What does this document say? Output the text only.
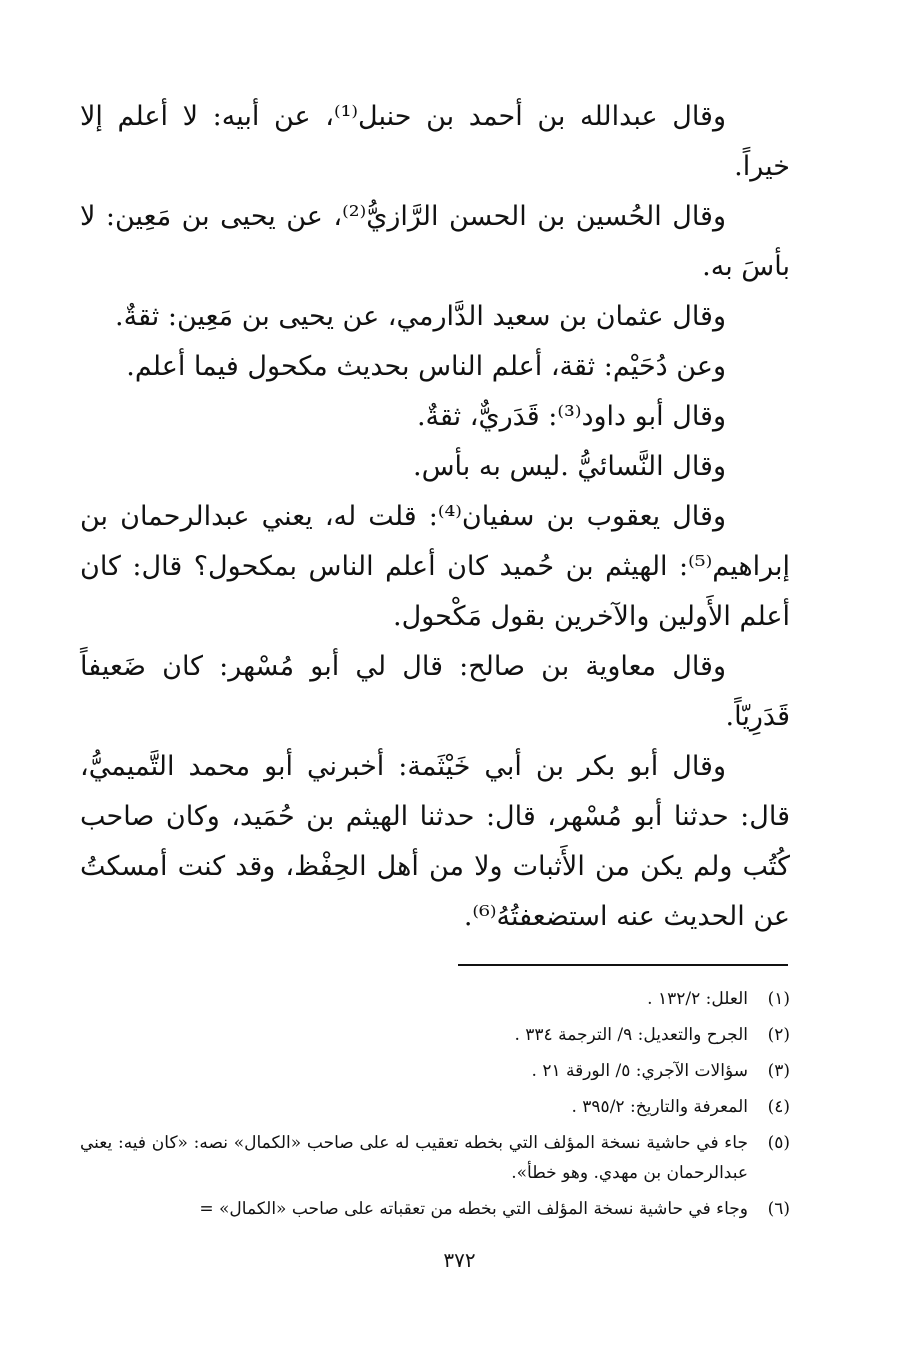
وقال عبدالله بن أحمد بن حنبل⁽¹⁾، عن أبيه: لا أعلم إلا خيراً.

وقال الحُسين بن الحسن الرَّازيُّ⁽²⁾، عن يحيى بن مَعِين: لا بأسَ به.

وقال عثمان بن سعيد الدَّارمي، عن يحيى بن مَعِين: ثقةٌ.

وعن دُحَيْم: ثقة، أعلم الناس بحديث مكحول فيما أعلم.

وقال أبو داود⁽³⁾: قَدَريٌّ، ثقةٌ.

وقال النَّسائيُّ .ليس به بأس.

وقال يعقوب بن سفيان⁽⁴⁾: قلت له، يعني عبدالرحمان بن إبراهيم⁽⁵⁾: الهيثم بن حُميد كان أعلم الناس بمكحول؟ قال: كان أعلم الأَولين والآخرين بقول مَكْحول.

وقال معاوية بن صالح: قال لي أبو مُسْهر: كان ضَعيفاً قَدَرِيّاً.

وقال أبو بكر بن أبي خَيْثَمة: أخبرني أبو محمد التَّميميُّ، قال: حدثنا أبو مُسْهر، قال: حدثنا الهيثم بن حُمَيد، وكان صاحب كُتُب ولم يكن من الأَثبات ولا من أهل الحِفْظ، وقد كنت أمسكتُ عن الحديث عنه استضعفتُهُ⁽⁶⁾.

(١)
العلل: ١٣٢/٢ .
(٢)
الجرح والتعديل: ٩/ الترجمة ٣٣٤ .
(٣)
سؤالات الآجري: ٥/ الورقة ٢١ .
(٤)
المعرفة والتاريخ: ٣٩٥/٢ .
(٥)
جاء في حاشية نسخة المؤلف التي بخطه تعقيب له على صاحب «الكمال» نصه: «كان فيه: يعني عبدالرحمان بن مهدي. وهو خطأ».
(٦)
وجاء في حاشية نسخة المؤلف التي بخطه من تعقباته على صاحب «الكمال» =
٣٧٢
